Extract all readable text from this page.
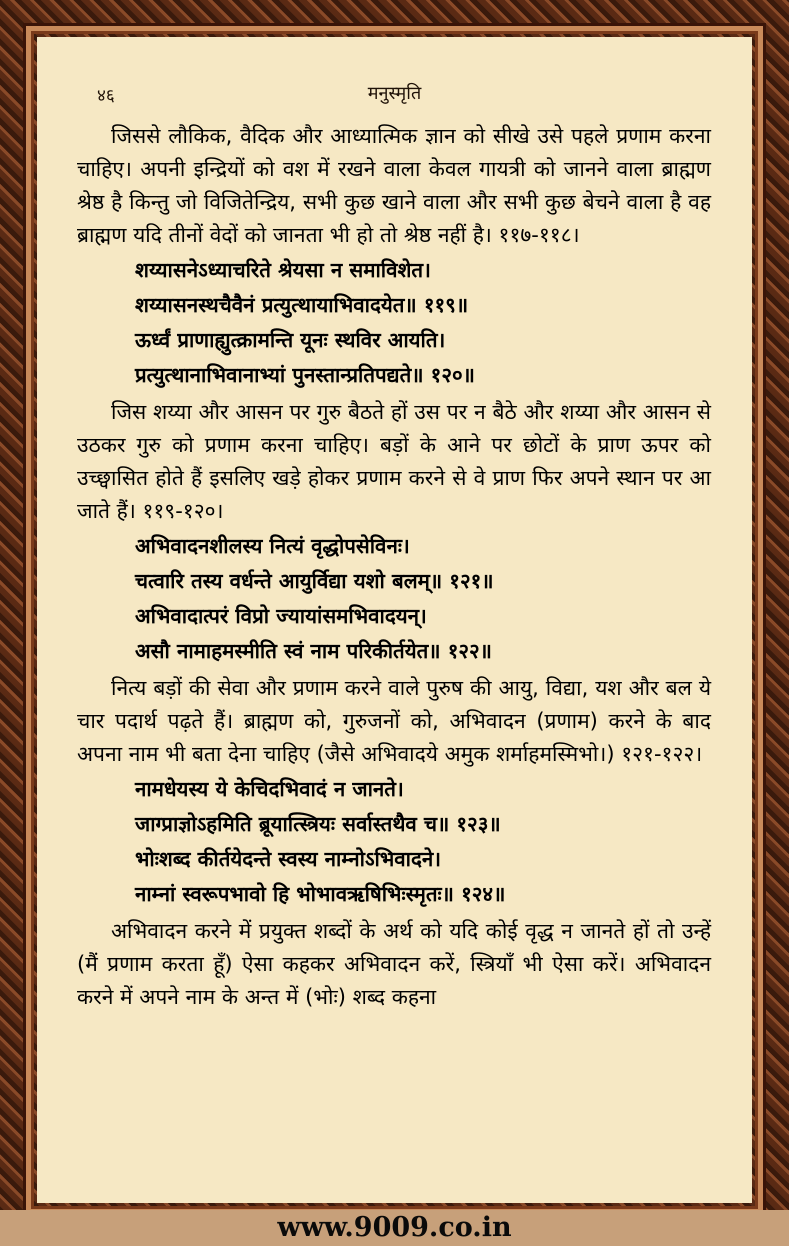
४६	मनुस्मृति

जिससे लौकिक, वैदिक और आध्यात्मिक ज्ञान को सीखे उसे पहले प्रणाम करना चाहिए। अपनी इन्द्रियों को वश में रखने वाला केवल गायत्री को जानने वाला ब्राह्मण श्रेष्ठ है किन्तु जो विजितेन्द्रिय, सभी कुछ खाने वाला और सभी कुछ बेचने वाला है वह ब्राह्मण यदि तीनों वेदों को जानता भी हो तो श्रेष्ठ नहीं है। ११७-११८।

शय्यासनेऽध्याचरिते श्रेयसा न समाविशेत।

शय्यासनस्थचैवैनं प्रत्युत्थायाभिवादयेत॥ ११९॥

ऊर्ध्वं प्राणाह्युत्क्रामन्ति यूनः स्थविर आयति।

प्रत्युत्थानाभिवानाभ्यां पुनस्तान्प्रतिपद्यते॥ १२०॥

जिस शय्या और आसन पर गुरु बैठते हों उस पर न बैठे और शय्या और आसन से उठकर गुरु को प्रणाम करना चाहिए। बड़ों के आने पर छोटों के प्राण ऊपर को उच्छ्वासित होते हैं इसलिए खड़े होकर प्रणाम करने से वे प्राण फिर अपने स्थान पर आ जाते हैं। ११९-१२०।

अभिवादनशीलस्य नित्यं वृद्धोपसेविनः।

चत्वारि तस्य वर्धन्ते आयुर्विद्या यशो बलम्॥ १२१॥

अभिवादात्परं विप्रो ज्यायांसमभिवादयन्।

असौ नामाहमस्मीति स्वं नाम परिकीर्तयेत॥ १२२॥

नित्य बड़ों की सेवा और प्रणाम करने वाले पुरुष की आयु, विद्या, यश और बल ये चार पदार्थ पढ़ते हैं। ब्राह्मण को, गुरुजनों को, अभिवादन (प्रणाम) करने के बाद अपना नाम भी बता देना चाहिए (जैसे अभिवादये अमुक शर्माहमस्मिभो।) १२१-१२२।

नामधेयस्य ये केचिदभिवादं न जानते।

जाग्प्राज्ञोऽहमिति ब्रूयात्स्त्रियः सर्वास्तथैव च॥ १२३॥

भोःशब्द कीर्तयेदन्ते स्वस्य नाम्नोऽभिवादने।

नाम्नां स्वरूपभावो हि भोभावऋषिभिःस्मृतः॥ १२४॥

अभिवादन करने में प्रयुक्त शब्दों के अर्थ को यदि कोई वृद्ध न जानते हों तो उन्हें (मैं प्रणाम करता हूँ) ऐसा कहकर अभिवादन करें, स्त्रियाँ भी ऐसा करें। अभिवादन करने में अपने नाम के अन्त में (भोः) शब्द कहना

www.9009.co.in
